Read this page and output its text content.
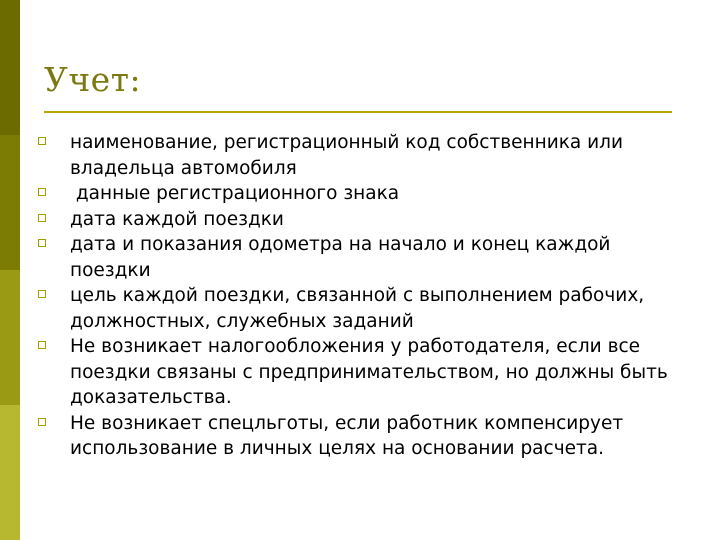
Учет:
наименование, регистрационный код собственника или владельца автомобиля
данные регистрационного знака
дата каждой поездки
дата и показания одометра на начало и конец каждой поездки
цель каждой поездки, связанной с выполнением рабочих, должностных, служебных заданий
Не возникает налогообложения у работодателя, если все поездки связаны с предпринимательством, но должны быть доказательства.
Не возникает спецльготы, если работник компенсирует использование в личных целях на основании расчета.
